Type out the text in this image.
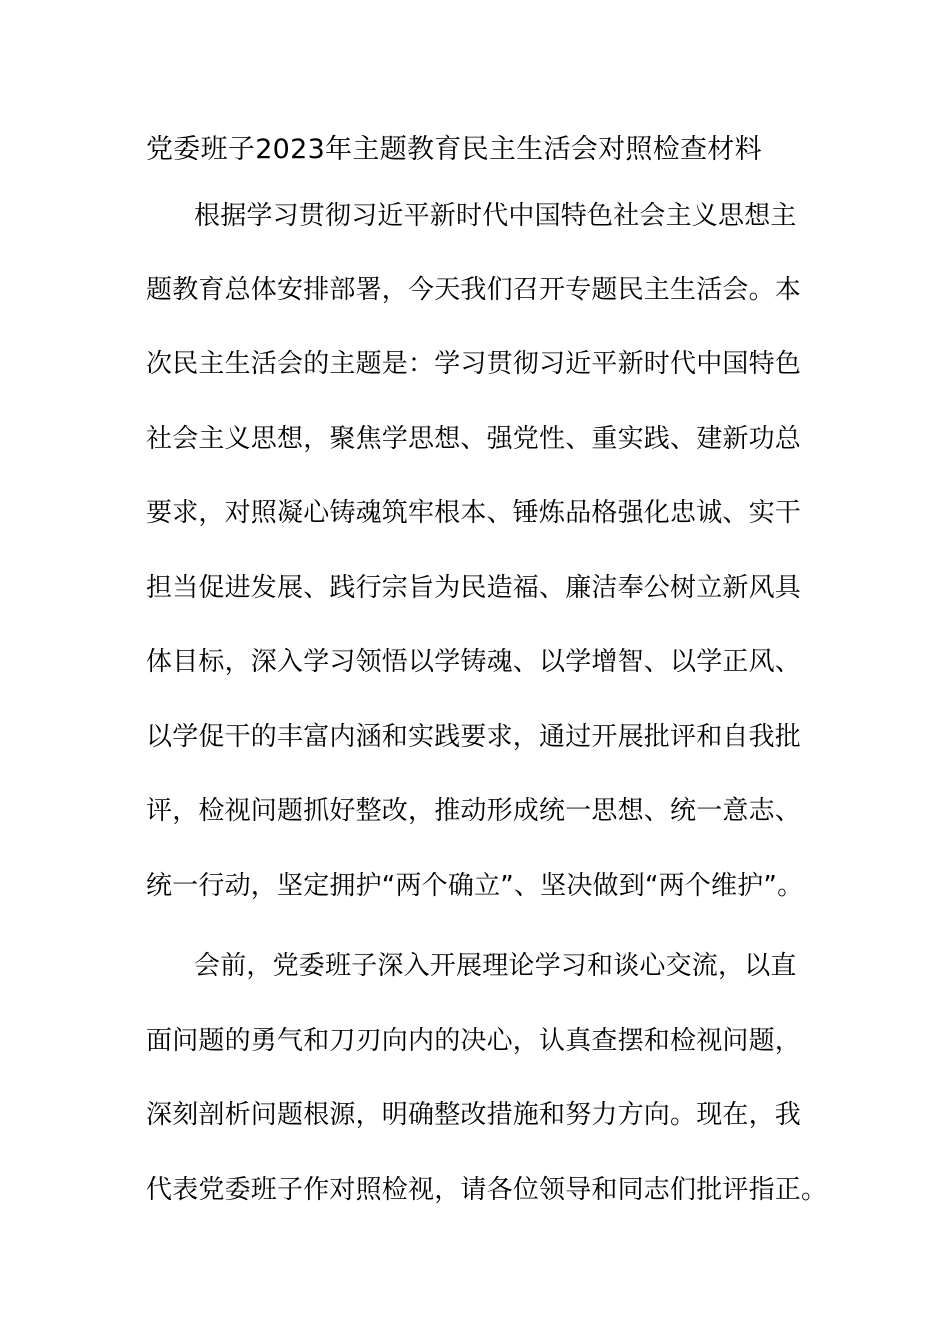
党委班子2023年主题教育民主生活会对照检查材料

根据学习贯彻习近平新时代中国特色社会主义思想主

题教育总体安排部署，今天我们召开专题民主生活会。本

次民主生活会的主题是：学习贯彻习近平新时代中国特色

社会主义思想，聚焦学思想、强党性、重实践、建新功总

要求，对照凝心铸魂筑牢根本、锤炼品格强化忠诚、实干

担当促进发展、践行宗旨为民造福、廉洁奉公树立新风具

体目标，深入学习领悟以学铸魂、以学增智、以学正风、

以学促干的丰富内涵和实践要求，通过开展批评和自我批

评，检视问题抓好整改，推动形成统一思想、统一意志、

统一行动，坚定拥护“两个确立”、坚决做到“两个维护”。

会前，党委班子深入开展理论学习和谈心交流，以直

面问题的勇气和刀刃向内的决心，认真查摆和检视问题，

深刻剖析问题根源，明确整改措施和努力方向。现在，我

代表党委班子作对照检视，请各位领导和同志们批评指正。
